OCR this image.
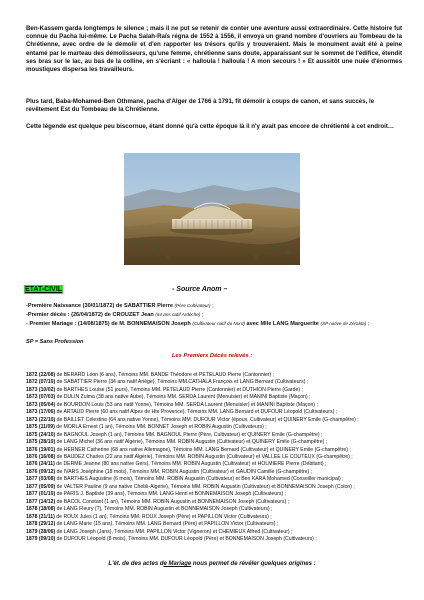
Ben-Kassem garda longtemps le silence ; mais il ne put se retenir de conter une aventure aussi extraordinaire. Cette histoire fut connue du Pacha lui-même. Le Pacha Salah-Raïs régna de 1552 à 1556, il envoya un grand nombre d'ouvriers au Tombeau de la Chrétienne, avec ordre de le démolir et d'en rapporter les trésors qu'ils y trouveraient. Mais le monument avait été à peine entamé par le marteau des démolisseurs, qu'une femme, chrétienne sans doute, apparaissant sur le sommet de l'édifice, étendit ses bras sur le lac, au bas de la colline, en s'écriant : « halloula ! halloula ! A mon secours ! » Et aussitôt une nuée d'énormes moustiques dispersa les travailleurs.

Plus tard, Baba-Mohamed-Ben Othmane, pacha d'Alger de 1766 à 1791, fit démolir à coups de canon, et sans succès, le revêtement Est du Tombeau de la Chrétienne.
Cette légende est quelque peu biscornue, étant donné qu'à cette époque là il n'y avait pas encore de chrétienté à cet endroit…
ETAT-CIVIL	- Source Anom –
-Première Naissance (30/01/1872) de SABATTIER Pierre (Père Cultivateur) ;
-Premier décès : (26/04/1872) de CROUZET Jean (64 ans natif Ardèche) ;
- Premier Mariage : (14/08/1875) de M. BONNEMAISON Joseph (Cultivateur natif du Nord) avec Mlle LANG Marguerite (SP native de Zéralda) ;
SP = Sans Profession
Les Premiers Décès relevés :
1872 (22/08) de BERARD Léon (6 ans), Témoins MM. BANDE Théodore et PETELAUD Pierre (Cantonnier) ;
1872 (07/10) de SABATTIER Pierre (34 ans natif Ariège), Témoins MM.CATHALA François et LANG Bernard (Cultivateurs) ;
1873 (10/02) de BARTHES Louise (51 jours), Témoins MM. PETELAUD Pierre (Cantonnier) et DUTHION Pierre (Garde) ;
1873 (07/03) de DULIN Zulma (38 ans native Aube), Témoins MM. SERDA Laurent (Menuisier) et MANINI Baptiste (Maçon) ;
1873 (05/04) de BOURDON Louis (53 ans natif Yonne), Témoins MM. SERDA Laurent (Menuisier) et MANINI Baptiste (Maçon) ;
1873 (17/06) de ARTAUD Pierre (60 ans natif Alpes de Hte Provence), Témoins MM. LANG Bernard et DUFOUR Léopold (Cultivateurs) ;
1873 (22/10) de BAILLET Célestine (64 ans native Yonne), Témoins MM. DUFOUR Victor (époux, Cultivateur) et QUINERY Emile (G-champêtre) ;
1875 (11/09) de MORLA Ernest (1 an), Témoins MM. BONNET Joseph et ROBIN Augustin (Cultivateurs) ;
1875 (24/10) de BAGNOUL Joseph (1 an), Témoins MM. BAGNOUL Pierre (Père, Cultivateur) et QUINERY Emile (G-champêtre) ;
1875 (28/10) de LANG Michel (36 ans natif Algérie), Témoins MM. ROBIN Augustin (Cultivateur) et QUINERY Emile (G-champêtre) ;
1876 (19/01) de HERNER Catherine (68 ans native Allemagne), Témoins MM. LANG Bernard (Cultivateur) et QUINERY Emile (G-champêtre) ;
1876 (16/08) de BAUDEZ Charles (22 ans natif Algérie), Témoins MM. ROBIN Augustin (Cultivateur) et VALLEE LE COUTEUX (G-champêtre) ;
1876 (24/11) de DERME Jeanne (80 ans native Gers), Témoins MM. ROBIN Augustin (Cultivateur) et HOLMIERE Pierre (Débitant) ;
1876 (09/12) de IVARS Joséphine (18 mois), Témoins MM. ROBIN Augustin (Cultivateur) et GAUDIN Camille (G-champêtre) ;
1877 (03/08) de BARTHES Augustine (6 mois), Témoins MM. ROBIN Augustin (Cultivateur) et Ben KARA Mohamed (Conseiller municipal) ;
1877 (05/09) de VALTER Pauline (9 ans native Chebli-Algérie), Témoins MM. ROBIN Augustin (Cultivateur) et BONNEMAISON Joseph (Colon) ;
1877 (01/10) de PARIS J. Baptiste (39 ans), Témoins MM. LANG Henri et BONNEMAISON Joseph (Cultivateurs) ;
1877 (14/12) de BACOL Constant (1 an), Témoins MM. ROBIN Augustin et BONNEMAISON Joseph (Cultivateurs) ;
1878 (18/08) de LANG Fleury (?), Témoins MM. ROBIN Augustin et BONNEMAISON Joseph (Cultivateurs) ;
1878 (21/11) de ROUX Jules (1 an), Témoins MM. ROUX Joseph (Père) et PAPILLON Victor (Cultivateurs) ;
1878 (29/12) de LANG Marie (15 ans), Témoins MM. LANG Bernard (Père) et PAPILLON Victor (Cultivateurs) ;
1879 (28/06) de LANG Joseph (Jans), Témoins MM. PAPILLON Victor (Vigneron) et CHEMIEUX Alfred (Cultivateur) ;
1879 (09/10) de DUFOUR Léopold (8 mois), Témoins MM. DUFOUR Léopold (Père) et BONNEMAISON Joseph (Cultivateurs) ;
L'ét. de des actes de Mariage nous permet de révéler quelques origines :
